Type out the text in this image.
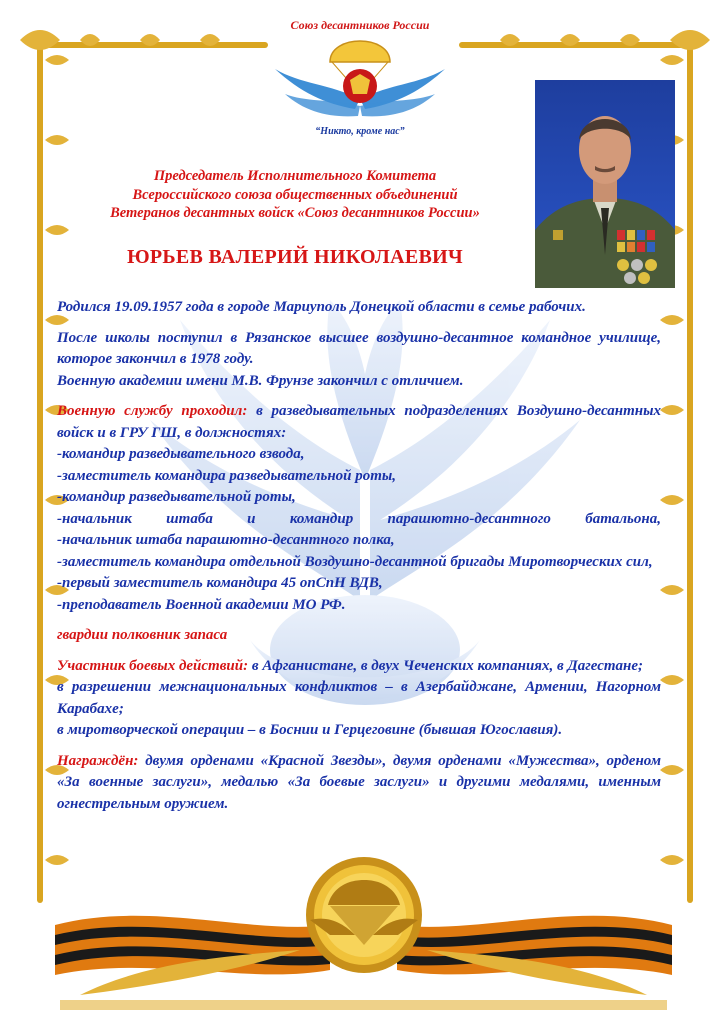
Союз десантников России
“Никто, кроме нас”
Председатель Исполнительного Комитета
Всероссийского союза общественных объединений
Ветеранов десантных войск «Союз десантников России»
ЮРЬЕВ ВАЛЕРИЙ НИКОЛАЕВИЧ

Родился 19.09.1957 года в городе Мариуполь Донецкой области в семье рабочих.

После школы поступил в Рязанское высшее воздушно-десантное командное училище, которое закончил в 1978 году.
Военную академии имени М.В. Фрунзе закончил с отличием.

Военную службу проходил: в разведывательных подразделениях Воздушно-десантных войск и в ГРУ ГШ, в должностях:
-командир разведывательного взвода,
-заместитель командира разведывательной роты,
-командир разведывательной роты,
-начальник штаба и командир парашютно-десантного батальона,
-начальник штаба парашютно-десантного полка,
-заместитель командира отдельной Воздушно-десантной бригады Миротворческих сил,
-первый заместитель командира 45 опСпН ВДВ,
-преподаватель Военной академии МО РФ.

гвардии полковник запаса

Участник боевых действий: в Афганистане, в двух Чеченских компаниях, в Дагестане;
в разрешении межнациональных конфликтов – в Азербайджане, Армении, Нагорном Карабахе;
в миротворческой операции – в Боснии и Герцеговине (бывшая Югославия).

Награждён: двумя орденами «Красной Звезды», двумя орденами «Мужества», орденом «За военные заслуги», медалью «За боевые заслуги» и другими медалями, именным огнестрельным оружием.
